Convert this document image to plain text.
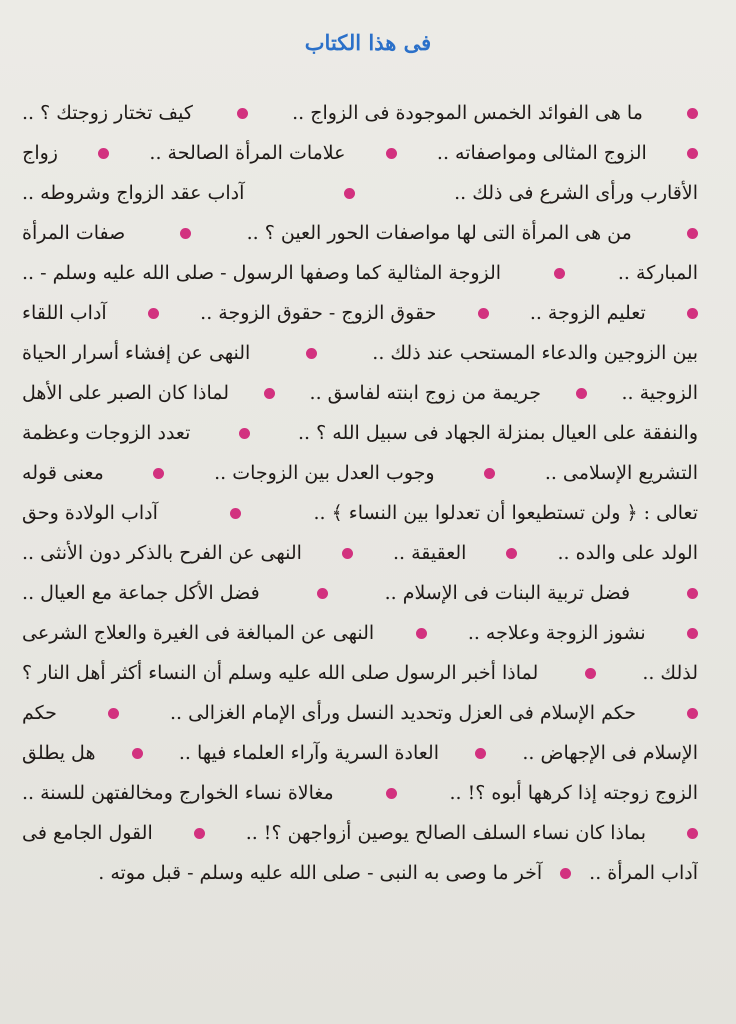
فى هذا الكتاب
ما هى الفوائد الخمس الموجودة فى الزواج ..
كيف تختار زوجتك ؟ ..
الزوج المثالى ومواصفاته ..
علامات المرأة الصالحة ..
زواج
الأقارب ورأى الشرع فى ذلك ..
آداب عقد الزواج وشروطه ..
من هى المرأة التى لها مواصفات الحور العين ؟ ..
صفات المرأة
المباركة ..
الزوجة المثالية كما وصفها الرسول - صلى الله عليه وسلم - ..
تعليم الزوجة ..
حقوق الزوج - حقوق الزوجة ..
آداب اللقاء
بين الزوجين والدعاء المستحب عند ذلك ..
النهى عن إفشاء أسرار الحياة
الزوجية ..
جريمة من زوج ابنته لفاسق ..
لماذا كان الصبر على الأهل
والنفقة على العيال بمنزلة الجهاد فى سبيل الله ؟ ..
تعدد الزوجات وعظمة
التشريع الإسلامى ..
وجوب العدل بين الزوجات ..
معنى قوله
تعالى : ﴿ ولن تستطيعوا أن تعدلوا بين النساء ﴾ ..
آداب الولادة وحق
الولد على والده ..
العقيقة ..
النهى عن الفرح بالذكر دون الأنثى ..
فضل تربية البنات فى الإسلام ..
فضل الأكل جماعة مع العيال ..
نشوز الزوجة وعلاجه ..
النهى عن المبالغة فى الغيرة والعلاج الشرعى
لذلك ..
لماذا أخبر الرسول صلى الله عليه وسلم أن النساء أكثر أهل النار ؟
حكم الإسلام فى العزل وتحديد النسل ورأى الإمام الغزالى ..
حكم
الإسلام فى الإجهاض ..
العادة السرية وآراء العلماء فيها ..
هل يطلق
الزوج زوجته إذا كرهها أبوه ؟! ..
مغالاة نساء الخوارج ومخالفتهن للسنة ..
بماذا كان نساء السلف الصالح يوصين أزواجهن ؟! ..
القول الجامع فى
آداب المرأة ..
آخر ما وصى به النبى - صلى الله عليه وسلم - قبل موته .
